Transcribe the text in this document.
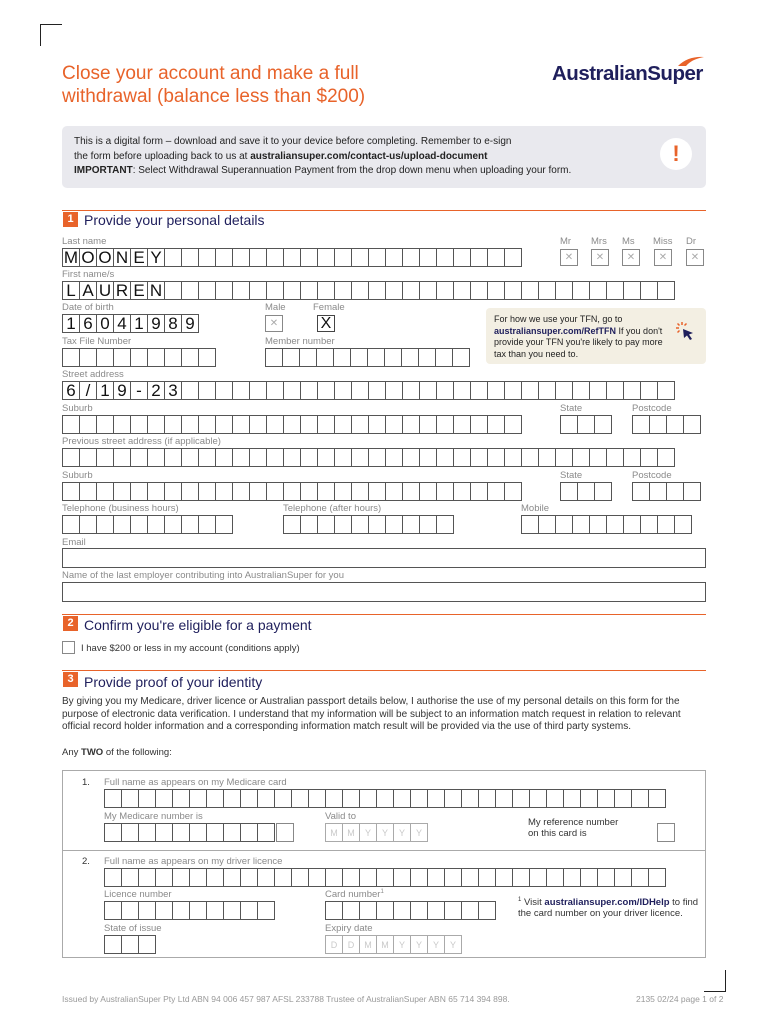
Close your account and make a full
withdrawal (balance less than $200)
AustralianSuper
This is a digital form – download and save it to your device before completing. Remember to e-sign
the form before uploading back to us at australiansuper.com/contact-us/upload-document
IMPORTANT: Select Withdrawal Superannuation Payment from the drop down menu when uploading your form.
!
1 Provide your personal details
Last name
M O O N E Y
Mr Mrs Ms Miss Dr
✕	✕	✕	✕	✕
First name/s
L A U R E N
Date of birth
1 6 0 4 1 9 8 9
Male	Female
✕	X	For how we use your TFN, go to
australiansuper.com/RefTFN If you don't provide your TFN you're likely to pay more tax than you need to.
Tax File Number	Member number
Street address
6 / 1 9 - 2 3
Suburb	State	Postcode
Previous street address (if applicable)
Suburb	State	Postcode
Telephone (business hours)	Telephone (after hours)	Mobile
Email
Name of the last employer contributing into AustralianSuper for you
2 Confirm you're eligible for a payment
I have $200 or less in my account (conditions apply)
3 Provide proof of your identity
By giving you my Medicare, driver licence or Australian passport details below, I authorise the use of my personal details on this form for the purpose of electronic data verification. I understand that my information will be subject to an information match request in relation to relevant official record holder information and a corresponding information match result will be provided via the use of third party systems.
Any TWO of the following:
1. Full name as appears on my Medicare card
My Medicare number is	Valid to
M	M	Y	Y	Y	Y
My reference number
on this card is
2. Full name as appears on my driver licence
Licence number	Card number$^1$
$^1$ Visit australiansuper.com/IDHelp to find the card number on your driver licence.
State of issue	Expiry date
D	D	M	M	Y	Y	Y	Y
Issued by AustralianSuper Pty Ltd ABN 94 006 457 987 AFSL 233788 Trustee of AustralianSuper ABN 65 714 394 898.	2135 02/24 page 1 of 2
